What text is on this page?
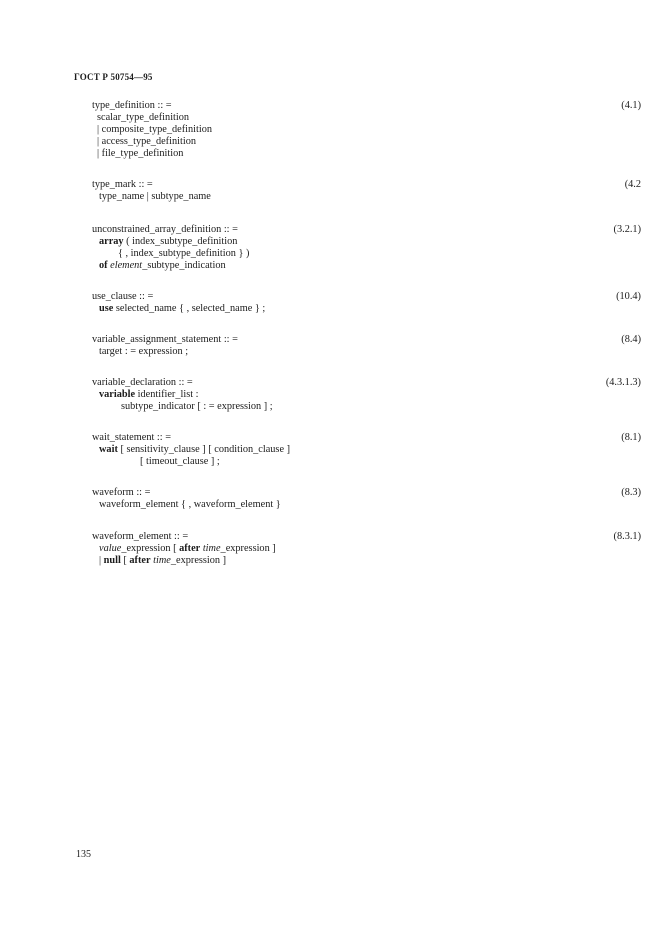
ГОСТ Р 50754—95
(4.1)
type_definition :: =
scalar_type_definition
| composite_type_definition
| access_type_definition
| file_type_definition
(4.2
type_mark :: =
type_name | subtype_name
(3.2.1)
unconstrained_array_definition :: =
array ( index_subtype_definition
{ , index_subtype_definition } )
of element_subtype_indication
(10.4)
use_clause :: =
use selected_name { , selected_name } ;
(8.4)
variable_assignment_statement :: =
target : = expression ;
(4.3.1.3)
variable_declaration :: =
variable identifier_list :
subtype_indicator [ : = expression ] ;
(8.1)
wait_statement :: =
wait [ sensitivity_clause ] [ condition_clause ]
[ timeout_clause ] ;
(8.3)
waveform :: =
waveform_element { , waveform_element }
(8.3.1)
waveform_element :: =
value_expression [ after time_expression ]
| null [ after time_expression ]
135
